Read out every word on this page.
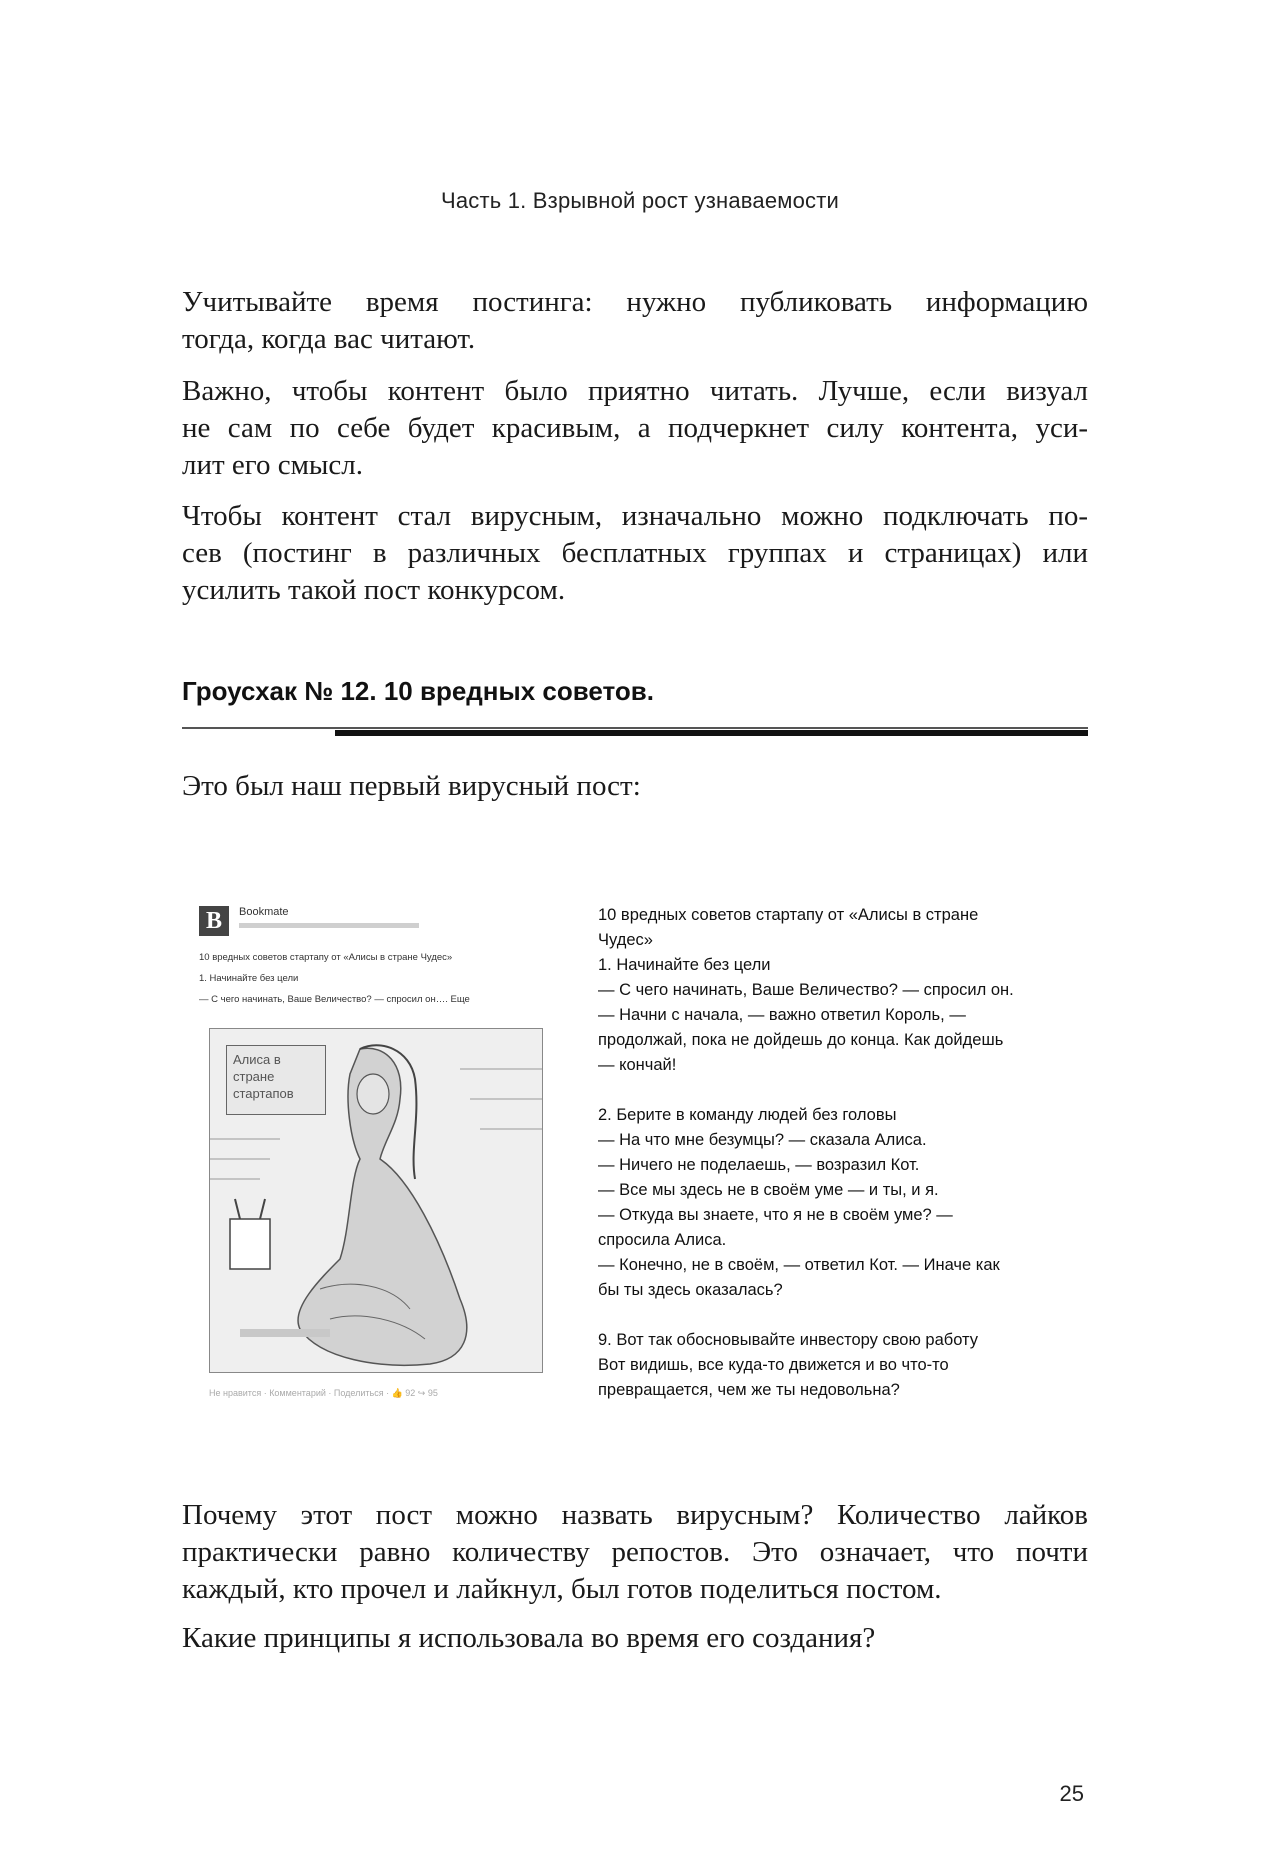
Часть 1. Взрывной рост узнаваемости
Учитывайте время постинга: нужно публиковать информацию
тогда, когда вас читают.
Важно, чтобы контент было приятно читать. Лучше, если визуал
не сам по себе будет красивым, а подчеркнет силу контента, уси-
лит его смысл.
Чтобы контент стал вирусным, изначально можно подключать по-
сев (постинг в различных бесплатных группах и страницах) или
усилить такой пост конкурсом.
Гроусхак № 12. 10 вредных советов.
Это был наш первый вирусный пост:
B	Bookmate
10 вредных советов стартапу от «Алисы в стране Чудес»
1. Начинайте без цели
— С чего начинать, Ваше Величество? — спросил он…. Еще
Алиса в стране стартапов
Не нравится · Комментарий · Поделиться · 👍 92 ↪ 95
10 вредных советов стартапу от «Алисы в стране
Чудес»
1. Начинайте без цели
— С чего начинать, Ваше Величество? — спросил он.
— Начни с начала, — важно ответил Король, —
продолжай, пока не дойдешь до конца. Как дойдешь
— кончай!
2. Берите в команду людей без головы
— На что мне безумцы? — сказала Алиса.
— Ничего не поделаешь, — возразил Кот.
— Все мы здесь не в своём уме — и ты, и я.
— Откуда вы знаете, что я не в своём уме? —
спросила Алиса.
— Конечно, не в своём, — ответил Кот. — Иначе как
бы ты здесь оказалась?
9. Вот так обосновывайте инвестору свою работу
Вот видишь, все куда-то движется и во что-то
превращается, чем же ты недовольна?
Почему этот пост можно назвать вирусным? Количество лайков
практически равно количеству репостов. Это означает, что почти
каждый, кто прочел и лайкнул, был готов поделиться постом.
Какие принципы я использовала во время его создания?
25
